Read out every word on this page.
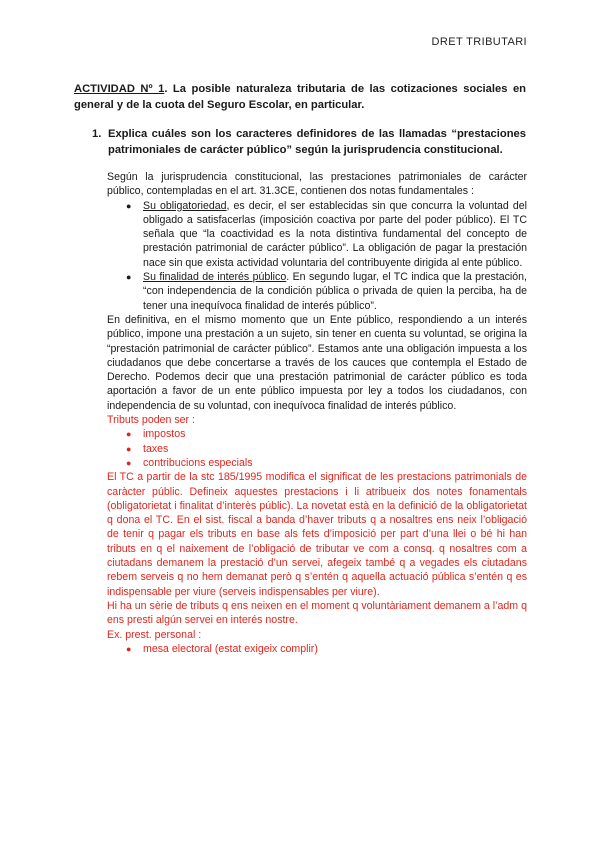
DRET TRIBUTARI
ACTIVIDAD Nº 1. La posible naturaleza tributaria de las cotizaciones sociales en general y de la cuota del Seguro Escolar, en particular.
1. Explica cuáles son los caracteres definidores de las llamadas “prestaciones patrimoniales de carácter público” según la jurisprudencia constitucional.

Según la jurisprudencia constitucional, las prestaciones patrimoniales de carácter público, contempladas en el art. 31.3CE, contienen dos notas fundamentales :

● Su obligatoriedad, es decir, el ser establecidas sin que concurra la voluntad del obligado a satisfacerlas (imposición coactiva por parte del poder público). El TC señala que “la coactividad es la nota distintiva fundamental del concepto de prestación patrimonial de carácter público”. La obligación de pagar la prestación nace sin que exista actividad voluntaria del contribuyente dirigida al ente público.
● Su finalidad de interés público. En segundo lugar, el TC indica que la prestación, “con independencia de la condición pública o privada de quien la perciba, ha de tener una inequívoca finalidad de interés público”.

En definitiva, en el mismo momento que un Ente público, respondiendo a un interés público, impone una prestación a un sujeto, sin tener en cuenta su voluntad, se origina la “prestación patrimonial de carácter público”. Estamos ante una obligación impuesta a los ciudadanos que debe concertarse a través de los cauces que contempla el Estado de Derecho. Podemos decir que una prestación patrimonial de carácter público es toda aportación a favor de un ente público impuesta por ley a todos los ciudadanos, con independencia de su voluntad, con inequívoca finalidad de interés público.

Tributs poden ser :

● impostos
● taxes
● contribucions especials

El TC a partir de la stc 185/1995 modifica el significat de les prestacions patrimonials de caràcter públic. Defineix aquestes prestacions i li atribueix dos notes fonamentals (obligatorietat i finalitat d’interès públic). La novetat està en la definició de la obligatorietat q dona el TC. En el sist. fiscal a banda d’haver tributs q a nosaltres ens neix l’obligació de tenir q pagar els tributs en base als fets d’imposició per part d’una llei o bé hi han tributs en q el naixement de l’obligació de tributar ve com a consq. q nosaltres com a ciutadans demanem la prestació d’un servei, afegeix també q a vegades els ciutadans rebem serveis q no hem demanat però q s’entén q aquella actuació pública s’entén q es indispensable per viure (serveis indispensables per viure).

Hi ha un sèrie de tributs q ens neixen en el moment q voluntàriament demanem a l’adm q ens presti algún servei en interés nostre.

Ex. prest. personal :

● mesa electoral (estat exigeix complir)
